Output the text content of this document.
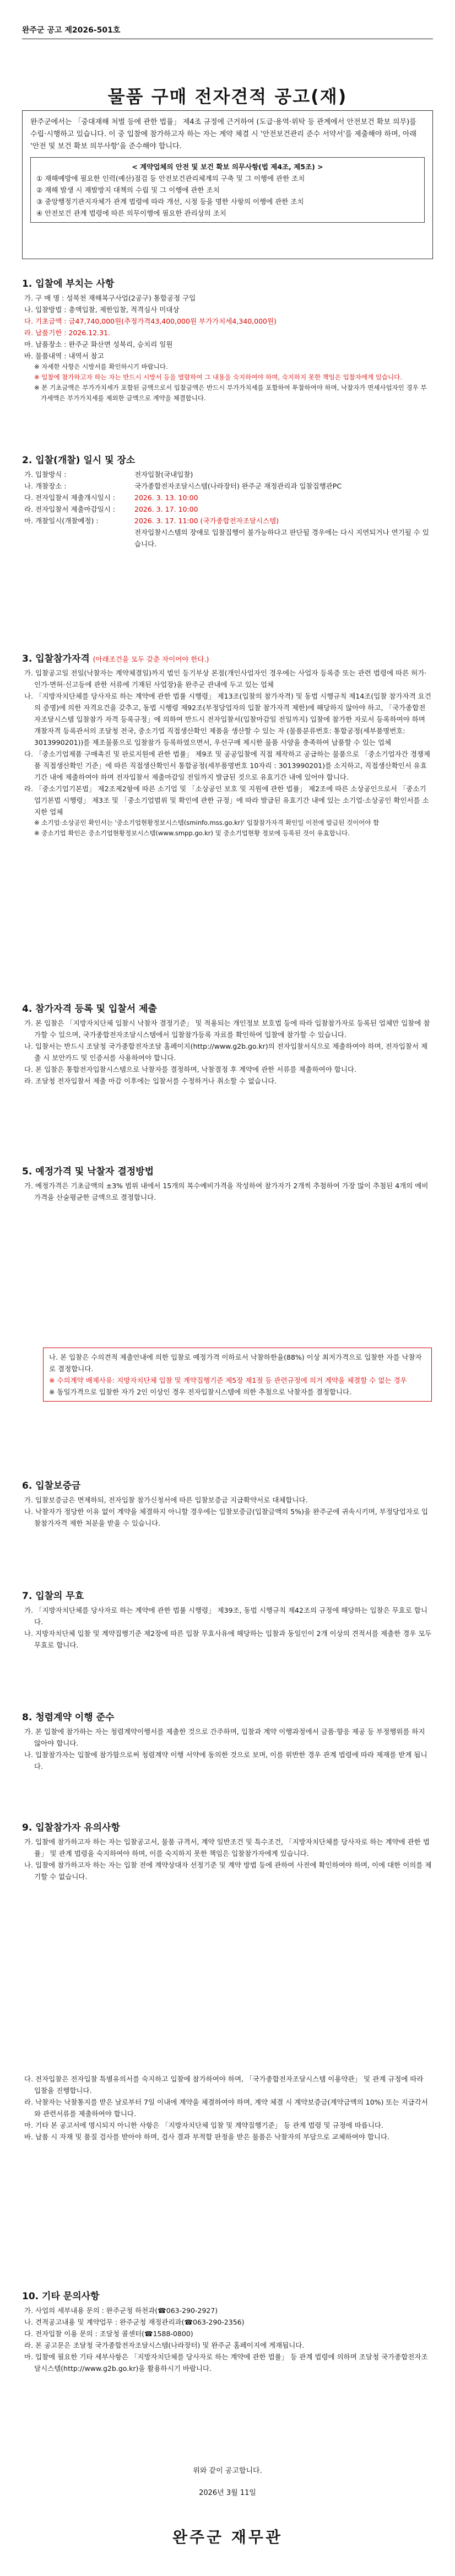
완주군 공고 제2026-501호
물품 구매 전자견적 공고(재)

완주군에서는 「중대재해 처벌 등에 관한 법률」 제4조 규정에 근거하여 (도급·용역·위탁 등 관계에서 안전보건 확보 의무)를 수립·시행하고 있습니다. 이 중 입찰에 참가하고자 하는 자는 계약 체결 시 '안전보건관리 준수 서약서'를 제출해야 하며, 아래 '안전 및 보건 확보 의무사항'을 준수해야 합니다.

< 계약업체의 안전 및 보건 확보 의무사항(법 제4조, 제5조) >
① 재해예방에 필요한 인력(예산)점검 등 안전보건관리체계의 구축 및 그 이행에 관한 조치
② 재해 발생 시 재발방지 대책의 수립 및 그 이행에 관한 조치
③ 중앙행정기관지자체가 관계 법령에 따라 개선, 시정 등을 명한 사항의 이행에 관한 조치
④ 안전보건 관계 법령에 따른 의무이행에 필요한 관리상의 조치
1. 입찰에 부치는 사항

가. 구 매 명 : 성북천 재해복구사업(2공구) 통합공정 구입

나. 입찰방법 : 총액입찰, 제한입찰, 적격심사 미대상

다. 기초금액 : 금47,740,000원(추정가격43,400,000원 부가가치세4,340,000원)

라. 납품기한 : 2026.12.31.

마. 납품장소 : 완주군 화산면 성북리, 승치리 일원

바. 물품내역 : 내역서 참고

※ 자세한 사항은 시방서를 확인하시기 바랍니다.

※ 입찰에 참가하고자 하는 자는 반드시 시방서 등을 열람하여 그 내용을 숙지하여야 하며, 숙지하지 못한 책임은 입찰자에게 있습니다.

※ 본 기초금액은 부가가치세가 포함된 금액으로서 입찰금액은 반드시 부가가치세를 포함하여 투찰하여야 하며, 낙찰자가 면세사업자인 경우 부가세액은 부가가치세를 제외한 금액으로 계약을 체결합니다.

2. 입찰(개찰) 일시 및 장소
가. 입찰방식 :	전자입찰(국내입찰)
나. 개찰장소 :	국가종합전자조달시스템(나라장터) 완주군 재정관리과 입찰집행관PC
다. 전자입찰서 제출개시일시 :	2026. 3. 13. 10:00
라. 전자입찰서 제출마감일시 :	2026. 3. 17. 10:00
마. 개찰일시(개찰예정) :	2026. 3. 17. 11:00 (국가종합전자조달시스템)
전자입찰시스템의 장애로 입찰집행이 불가능하다고 판단될 경우에는 다시 지연되거나 연기될 수 있습니다.
3. 입찰참가자격 (아래조건을 모두 갖춘 자이어야 한다.)

가. 입찰공고일 전일(낙찰자는 계약체결일)까지 법인 등기부상 본점(개인사업자인 경우에는 사업자 등록증 또는 관련 법령에 따른 허가·인가·면허·신고등에 관한 서류에 기재된 사업장)을 완주군 관내에 두고 있는 업체

나. 「지방자치단체를 당사자로 하는 계약에 관한 법률 시행령」 제13조(입찰의 참가자격) 및 동법 시행규칙 제14조(입찰 참가자격 요건의 증명)에 의한 자격요건을 갖추고, 동법 시행령 제92조(부정당업자의 입찰 참가자격 제한)에 해당하지 않아야 하고, 「국가종합전자조달시스템 입찰참가 자격 등록규정」에 의하여 반드시 전자입찰서(입찰마감일 전일까지) 입찰에 참가한 자로서 등록하여야 하며 개찰자격 등록관서의 조달청 전국, 중소기업 직접생산확인 제품을 생산할 수 있는 자 (물품분류번호: 통합공정(세부품명번호: 3013990201))를 제조물품으로 입찰참가 등록하였으면서, 우선구매 제시한 물품 사양을 충족하여 납품할 수 있는 업체

다. 「중소기업제품 구매촉진 및 판로지원에 관한 법률」 제9조 및 공공입찰에 직접 제작하고 공급하는 물품으로 「중소기업자간 경쟁제품 직접생산확인 기준」에 따른 직접생산확인서 통합공정(세부품명번호 10자리 : 3013990201)를 소지하고, 직접생산확인서 유효기간 내에 제출하여야 하며 전자입찰서 제출마감일 전일까지 발급된 것으로 유효기간 내에 있어야 합니다.

라. 「중소기업기본법」 제2조제2항에 따른 소기업 및 「소상공인 보호 및 지원에 관한 법률」 제2조에 따른 소상공인으로서 「중소기업기본법 시행령」 제3조 및 「중소기업범위 및 확인에 관한 규정」에 따라 발급된 유효기간 내에 있는 소기업·소상공인 확인서를 소지한 업체

※ 소기업·소상공인 확인서는 '중소기업현황정보시스템(sminfo.mss.go.kr)' 입찰참가자격 확인일 이전에 발급된 것이어야 함

※ 중소기업 확인은 중소기업현황정보시스템(www.smpp.go.kr) 및 중소기업현황 정보에 등록된 것이 유효합니다.

4. 참가자격 등록 및 입찰서 제출

가. 본 입찰은 「지방자치단체 입찰시 낙찰자 결정기준」 및 적용되는 개인정보 보호법 등에 따라 입찰참가자로 등록된 업체만 입찰에 참가할 수 있으며, 국가종합전자조달시스템에서 입찰참가등록 자료를 확인하여 입찰에 참가할 수 있습니다.

나. 입찰서는 반드시 조달청 국가종합전자조달 홈페이지(http://www.g2b.go.kr)의 전자입찰서식으로 제출하여야 하며, 전자입찰서 제출 시 보안카드 및 인증서를 사용하여야 합니다.

다. 본 입찰은 통합전자입찰시스템으로 낙찰자를 결정하며, 낙찰결정 후 계약에 관한 서류를 제출하여야 합니다.

라. 조달청 전자입찰서 제출 마감 이후에는 입찰서를 수정하거나 취소할 수 없습니다.

5. 예정가격 및 낙찰자 결정방법

가. 예정가격은 기초금액의 ±3% 범위 내에서 15개의 복수예비가격을 작성하여 참가자가 2개씩 추첨하여 가장 많이 추첨된 4개의 예비가격을 산술평균한 금액으로 결정합니다.

나. 본 입찰은 수의견적 제출안내에 의한 입찰로 예정가격 이하로서 낙찰하한율(88%) 이상 최저가격으로 입찰한 자를 낙찰자로 결정합니다.

※ 수의계약 배제사유: 지방자치단체 입찰 및 계약집행기준 제5장 제1절 등 관련규정에 의거 계약을 체결할 수 없는 경우

※ 동일가격으로 입찰한 자가 2인 이상인 경우 전자입찰시스템에 의한 추첨으로 낙찰자를 결정합니다.

6. 입찰보증금

가. 입찰보증금은 면제하되, 전자입찰 참가신청서에 따른 입찰보증금 지급확약서로 대체합니다.

나. 낙찰자가 정당한 이유 없이 계약을 체결하지 아니할 경우에는 입찰보증금(입찰금액의 5%)을 완주군에 귀속시키며, 부정당업자로 입찰참가자격 제한 처분을 받을 수 있습니다.

7. 입찰의 무효

가. 「지방자치단체를 당사자로 하는 계약에 관한 법률 시행령」 제39조, 동법 시행규칙 제42조의 규정에 해당하는 입찰은 무효로 합니다.

나. 지방자치단체 입찰 및 계약집행기준 제2장에 따른 입찰 무효사유에 해당하는 입찰과 동일인이 2개 이상의 견적서를 제출한 경우 모두 무효로 합니다.

8. 청렴계약 이행 준수

가. 본 입찰에 참가하는 자는 청렴계약이행서를 제출한 것으로 간주하며, 입찰과 계약 이행과정에서 금품·향응 제공 등 부정행위를 하지 않아야 합니다.

나. 입찰참가자는 입찰에 참가함으로써 청렴계약 이행 서약에 동의한 것으로 보며, 이를 위반한 경우 관계 법령에 따라 제재를 받게 됩니다.

9. 입찰참가자 유의사항

가. 입찰에 참가하고자 하는 자는 입찰공고서, 물품 규격서, 계약 일반조건 및 특수조건, 「지방자치단체를 당사자로 하는 계약에 관한 법률」 및 관계 법령을 숙지하여야 하며, 이를 숙지하지 못한 책임은 입찰참가자에게 있습니다.

나. 입찰에 참가하고자 하는 자는 입찰 전에 계약상대자 선정기준 및 계약 방법 등에 관하여 사전에 확인하여야 하며, 이에 대한 이의를 제기할 수 없습니다.

다. 전자입찰은 전자입찰 특별유의서를 숙지하고 입찰에 참가하여야 하며, 「국가종합전자조달시스템 이용약관」 및 관계 규정에 따라 입찰을 진행합니다.

라. 낙찰자는 낙찰통지를 받은 날로부터 7일 이내에 계약을 체결하여야 하며, 계약 체결 시 계약보증금(계약금액의 10%) 또는 지급각서와 관련서류를 제출하여야 합니다.

마. 기타 본 공고서에 명시되지 아니한 사항은 「지방자치단체 입찰 및 계약집행기준」 등 관계 법령 및 규정에 따릅니다.

바. 납품 시 자재 및 품질 검사를 받아야 하며, 검사 결과 부적합 판정을 받은 물품은 낙찰자의 부담으로 교체하여야 합니다.

10. 기타 문의사항

가. 사업의 세부내용 문의 : 완주군청 하천과(☎063-290-2927)

나. 견적공고내용 및 계약업무 : 완주군청 재정관리과(☎063-290-2356)

다. 전자입찰 이용 문의 : 조달청 콜센터(☎1588-0800)

라. 본 공고문은 조달청 국가종합전자조달시스템(나라장터) 및 완주군 홈페이지에 게재됩니다.

마. 입찰에 필요한 기타 세부사항은 「지방자치단체를 당사자로 하는 계약에 관한 법률」 등 관계 법령에 의하며 조달청 국가종합전자조달시스템(http://www.g2b.go.kr)을 활용하시기 바랍니다.

위와 같이 공고합니다.
2026년 3월 11일
완주군 재무관
